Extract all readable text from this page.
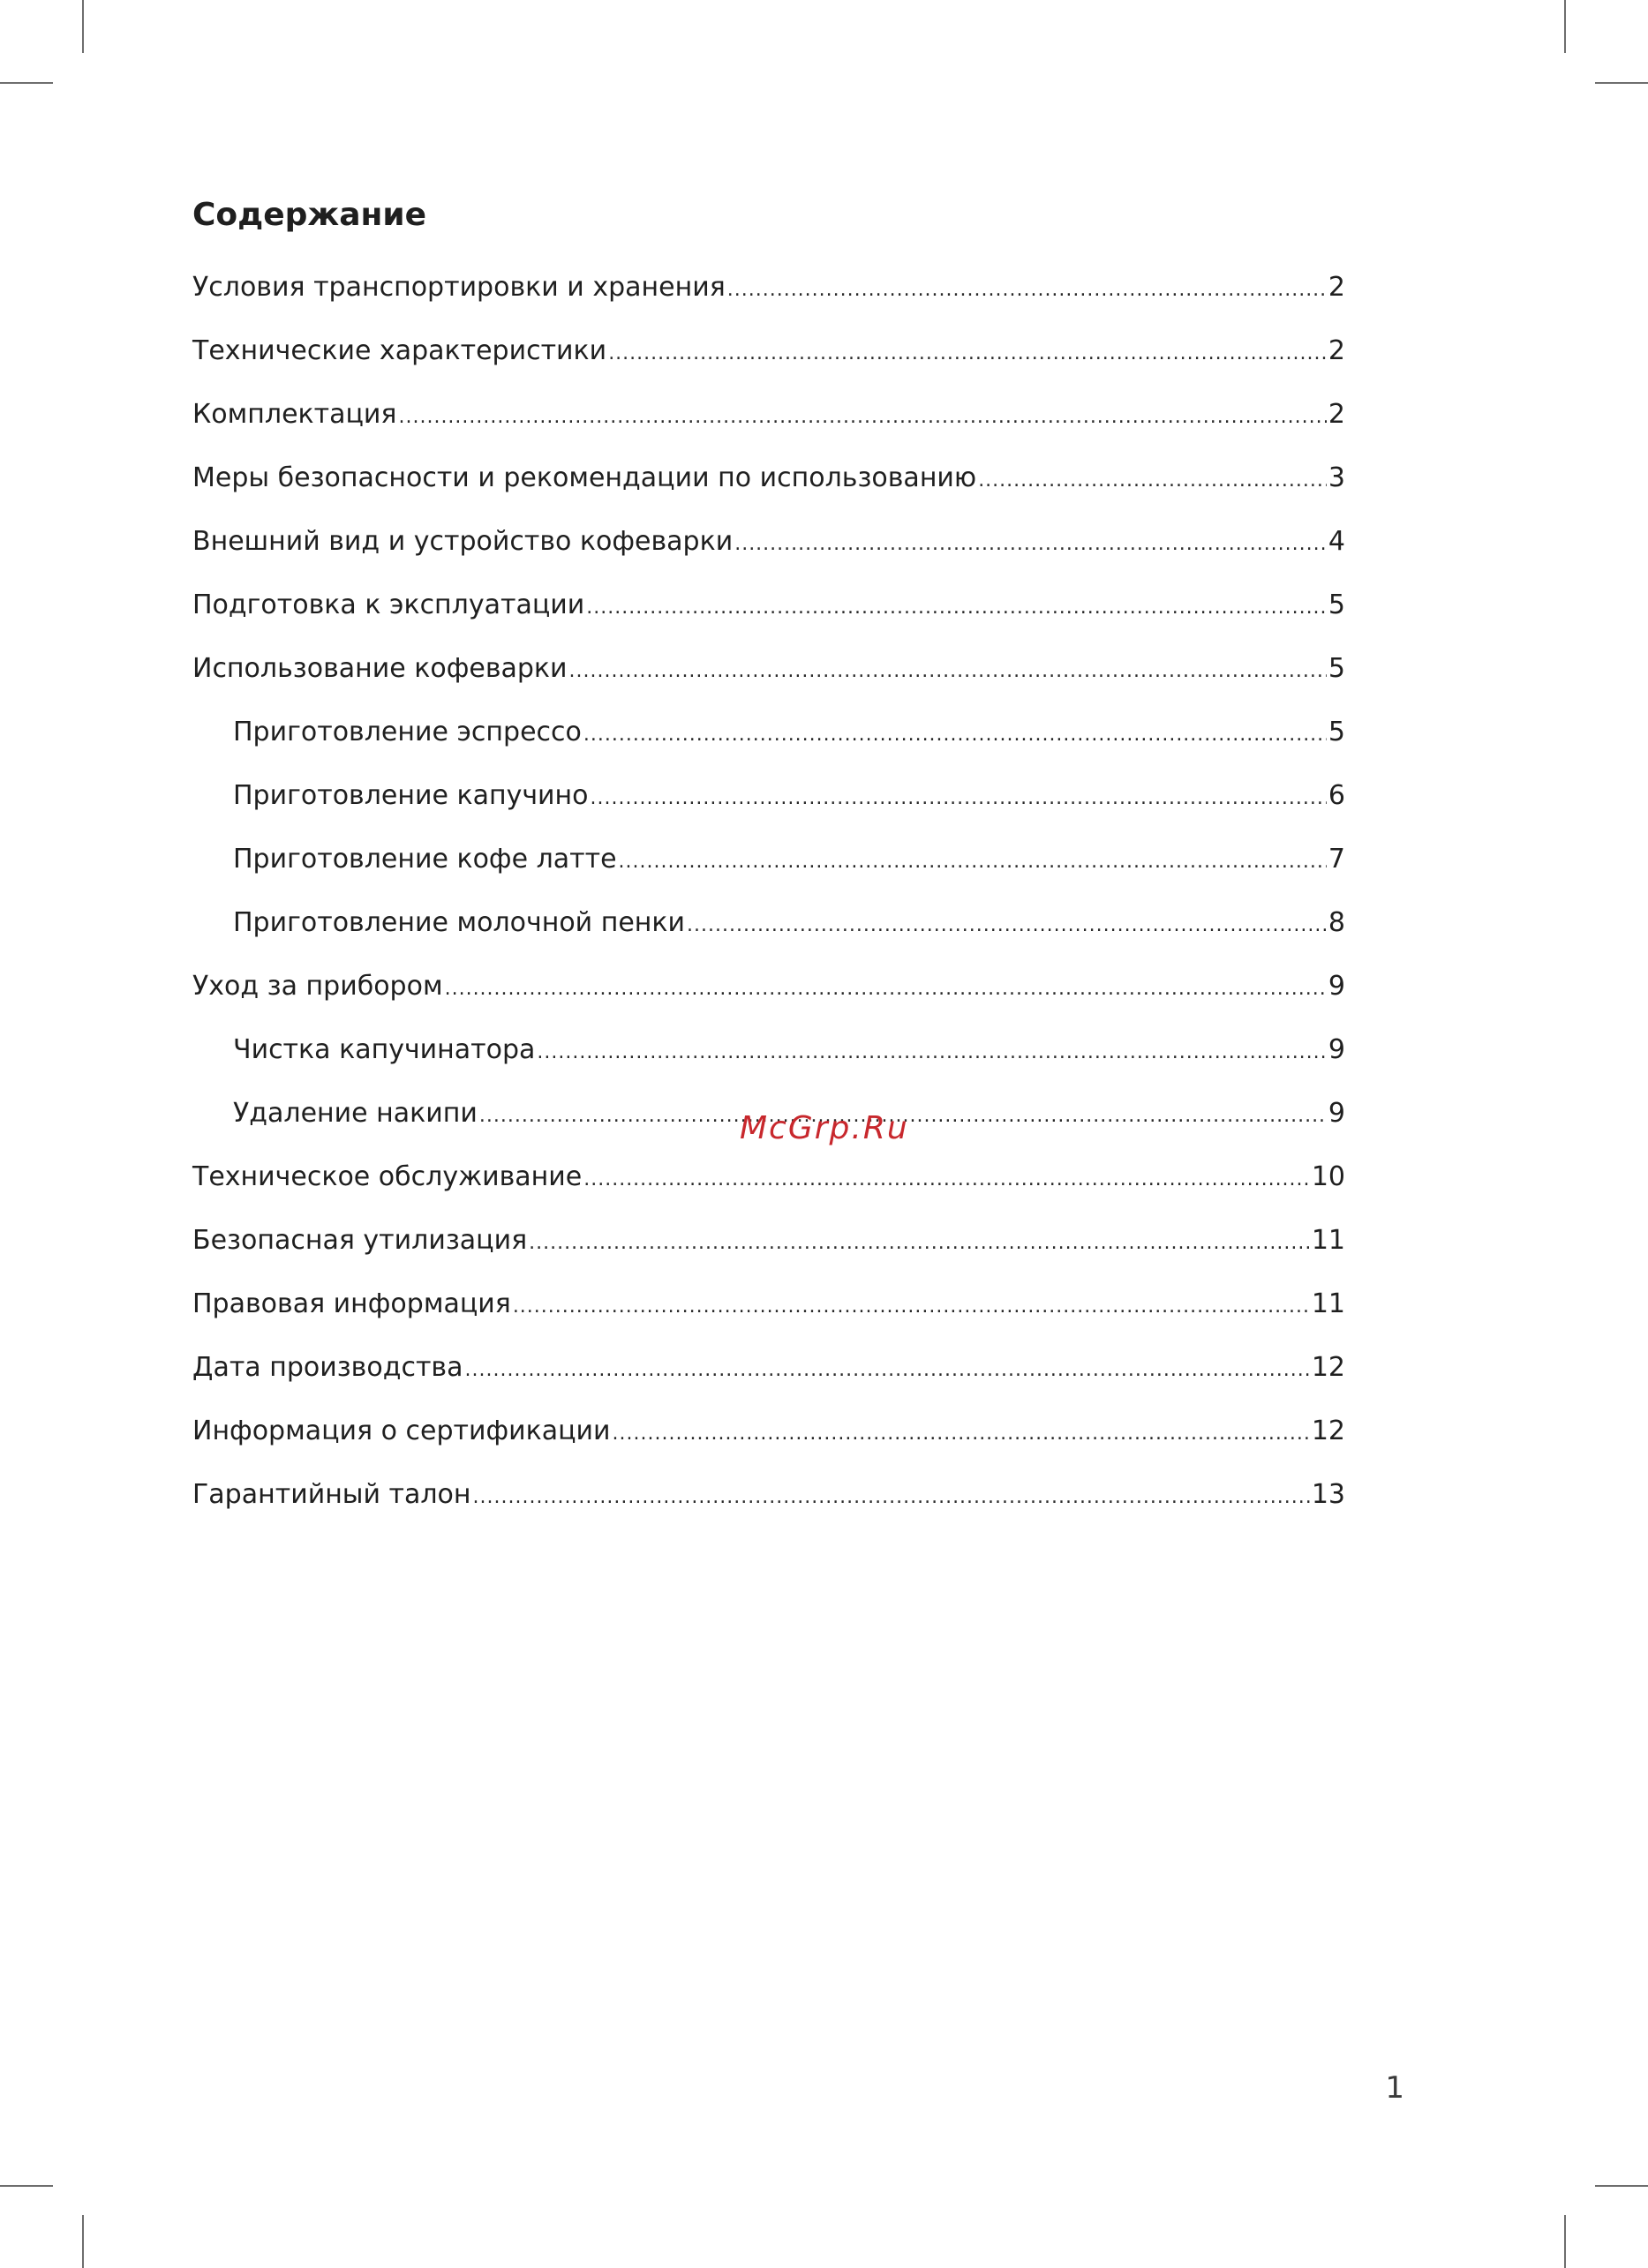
Содержание
Условия транспортировки и хранения .....	2
Технические характеристики .....	2
Комплектация .....	2
Меры безопасности и рекомендации по использованию .....	3
Внешний вид и устройство кофеварки .....	4
Подготовка к эксплуатации .....	5
Использование кофеварки .....	5
Приготовление эспрессо .....	5
Приготовление капучино .....	6
Приготовление кофе латте .....	7
Приготовление молочной пенки .....	8
Уход за прибором .....	9
Чистка капучинатора .....	9
Удаление накипи .....	9
Техническое обслуживание .....	10
Безопасная утилизация .....	11
Правовая информация .....	11
Дата производства .....	12
Информация о сертификации .....	12
Гарантийный талон .....	13
McGrp.Ru
1
